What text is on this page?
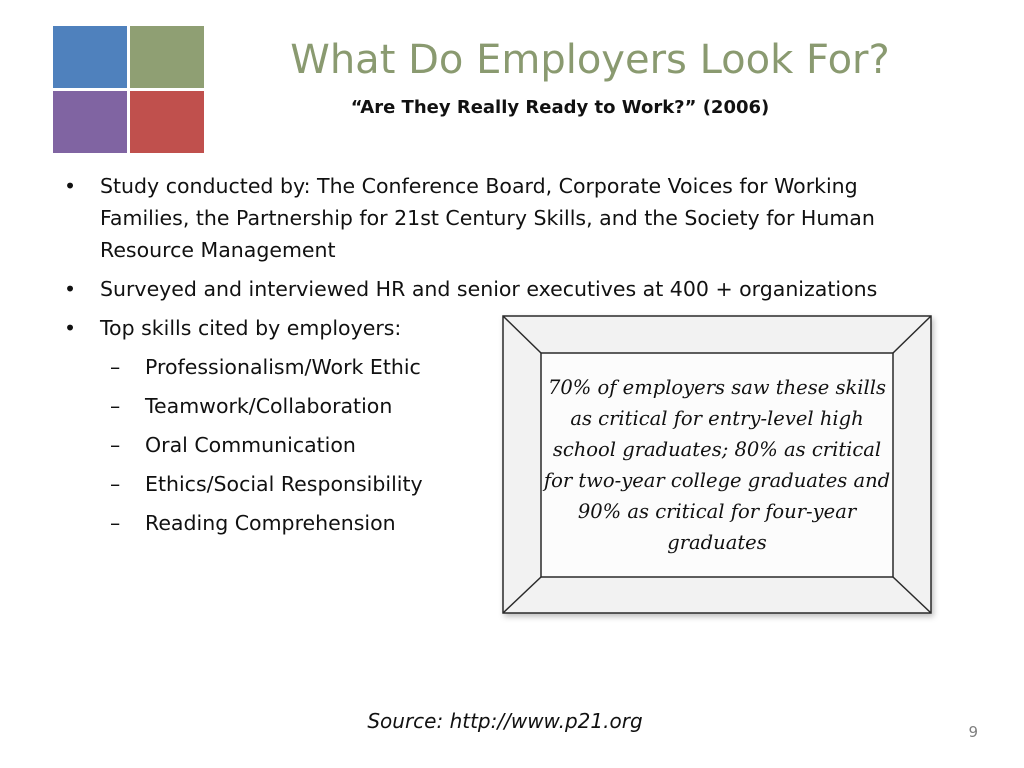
What Do Employers Look For?
“Are They Really Ready to Work?” (2006)
• Study conducted by: The Conference Board, Corporate Voices for Working Families, the Partnership for 21st Century Skills, and the Society for Human Resource Management
• Surveyed and interviewed HR and senior executives at 400 + organizations
• Top skills cited by employers:
– Professionalism/Work Ethic
– Teamwork/Collaboration
– Oral Communication
– Ethics/Social Responsibility
– Reading Comprehension
70% of employers saw these skills as critical for entry-level high school graduates; 80% as critical for two-year college graduates and 90% as critical for four-year graduates
Source: http://www.p21.org	9
